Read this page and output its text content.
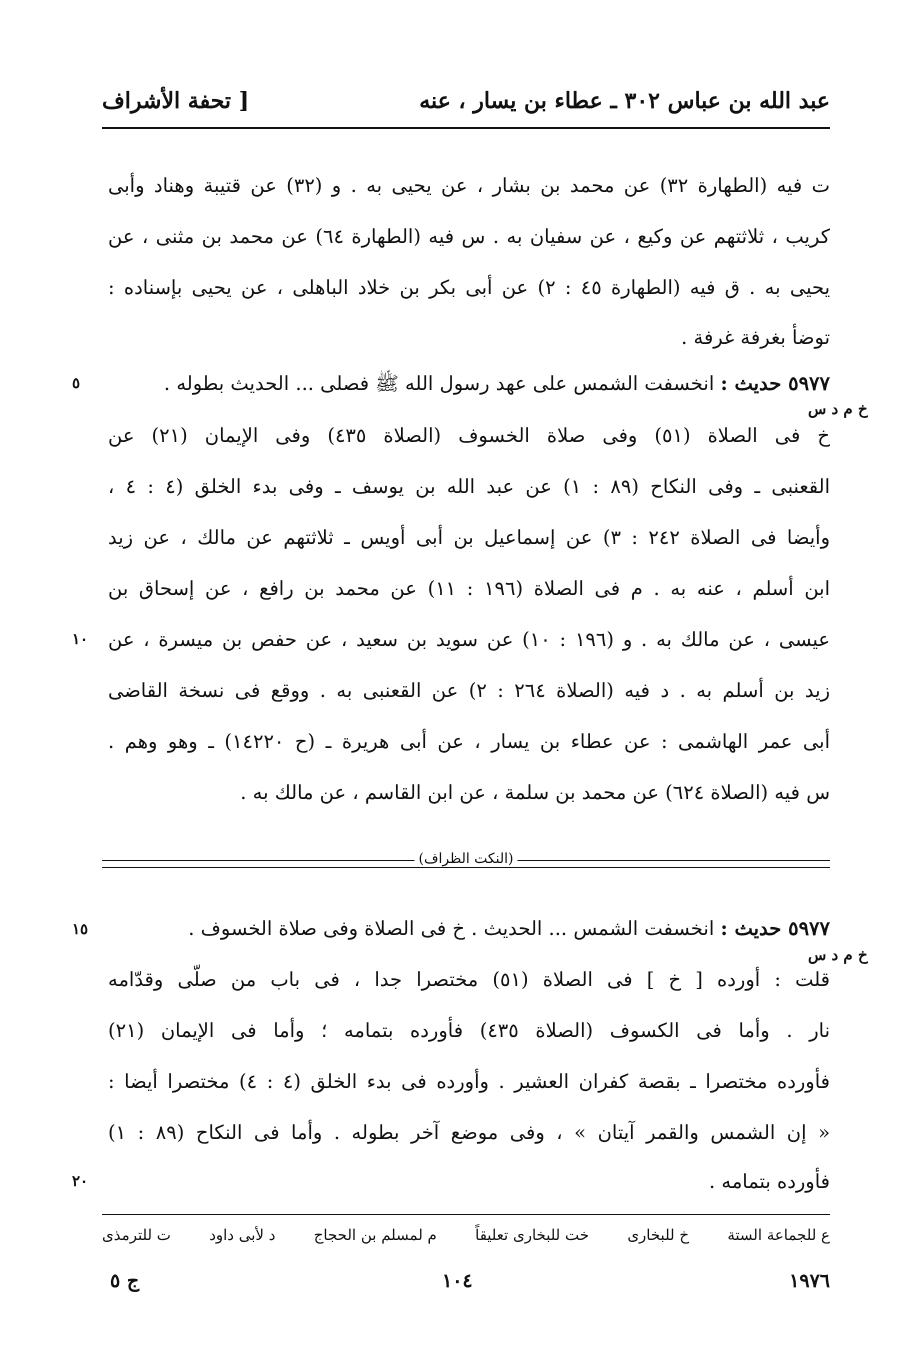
عبد الله بن عباس ٣٠٢ ـ عطاء بن يسار ، عنه
[ تحفة الأشراف
ت فيه (الطهارة ٣٢) عن محمد بن بشار ، عن يحيى به . و (٣٢) عن قتيبة وهناد وأبى
كريب ، ثلاثتهم عن وكيع ، عن سفيان به . س فيه (الطهارة ٦٤) عن محمد بن مثنى ، عن
يحيى به . ق فيه (الطهارة ٤٥ : ٢) عن أبى بكر بن خلاد الباهلى ، عن يحيى بإسناده :
توضأ بغرفة غرفة .
٥٩٧٧ حديث : انخسفت الشمس على عهد رسول الله ﷺ فصلى ... الحديث بطوله .
٥
خ م د س
خ فى الصلاة (٥١) وفى صلاة الخسوف (الصلاة ٤٣٥) وفى الإيمان (٢١) عن
القعنبى ـ وفى النكاح (٨٩ : ١) عن عبد الله بن يوسف ـ وفى بدء الخلق (٤ : ٤ ،
وأيضا فى الصلاة ٢٤٢ : ٣) عن إسماعيل بن أبى أويس ـ ثلاثتهم عن مالك ، عن زيد
ابن أسلم ، عنه به . م فى الصلاة (١٩٦ : ١١) عن محمد بن رافع ، عن إسحاق بن
عيسى ، عن مالك به . و (١٩٦ : ١٠) عن سويد بن سعيد ، عن حفص بن ميسرة ، عن
١٠
زيد بن أسلم به . د فيه (الصلاة ٢٦٤ : ٢) عن القعنبى به . ووقع فى نسخة القاضى
أبى عمر الهاشمى : عن عطاء بن يسار ، عن أبى هريرة ـ (ح ١٤٢٢٠) ـ وهو وهم .
س فيه (الصلاة ٦٢٤) عن محمد بن سلمة ، عن ابن القاسم ، عن مالك به .
(النكت الظراف)
٥٩٧٧ حديث : انخسفت الشمس ... الحديث . خ فى الصلاة وفى صلاة الخسوف .
١٥
خ م د س
قلت : أورده [ خ ] فى الصلاة (٥١) مختصرا جدا ، فى باب من صلّى وقدّامه
نار . وأما فى الكسوف (الصلاة ٤٣٥) فأورده بتمامه ؛ وأما فى الإيمان (٢١)
فأورده مختصرا ـ بقصة كفران العشير . وأورده فى بدء الخلق (٤ : ٤) مختصرا أيضا :
« إن الشمس والقمر آيتان » ، وفى موضع آخر بطوله . وأما فى النكاح (٨٩ : ١)
فأورده بتمامه .
٢٠
ع للجماعة الستة
خ للبخارى
خت للبخارى تعليقاً
م لمسلم بن الحجاج
د لأبى داود
ت للترمذى
١٩٧٦
١٠٤
ج ٥
